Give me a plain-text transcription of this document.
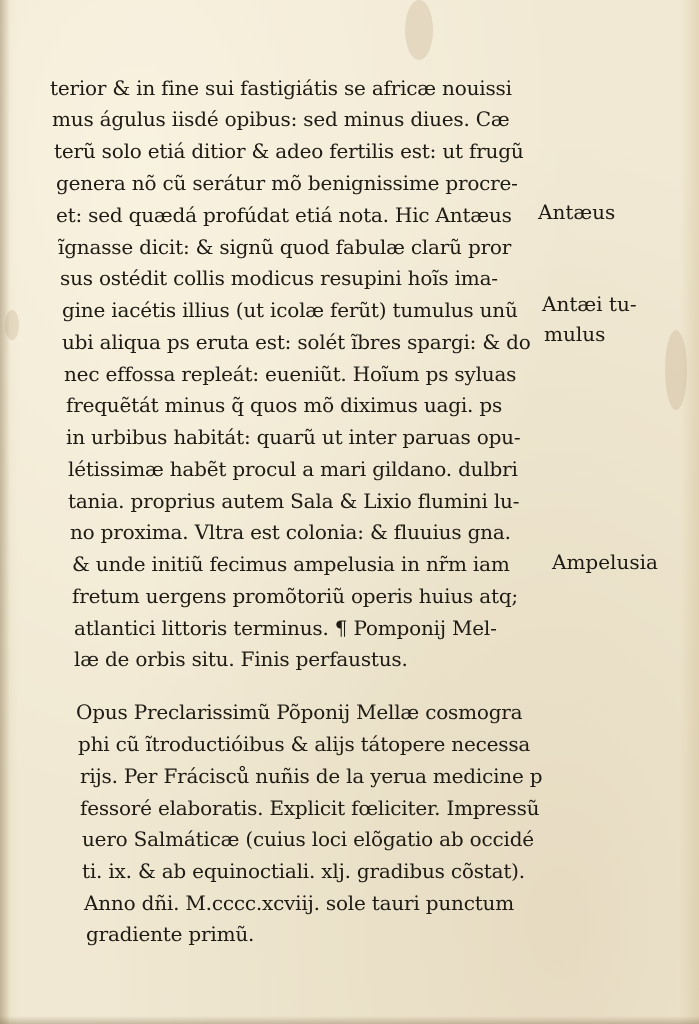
terior & in fine sui fastigiátis se africæ nouissi
mus águlus iisdé opibus: sed minus diues. Cæ
terũ solo etiá ditior & adeo fertilis est: ut frugũ
genera nõ cũ serátur mõ benignissime procre-
et: sed quædá profúdat etiá nota. Hic Antæus
ĩgnasse dicit: & signũ quod fabulæ clarũ pror
sus ostédit collis modicus resupini hoĩs ima-
gine iacétis illius (ut icolæ ferũt) tumulus unũ
ubi aliqua ps eruta est: solét ĩbres spargi: & do
nec effossa repleát: eueniũt. Hoĩum ps syluas
frequẽtát minus q̃ quos mõ diximus uagi. ps
in urbibus habitát: quarũ ut inter paruas opu-
létissimæ habẽt procul a mari gildano. dulbri
tania. proprius autem Sala & Lixio flumini lu-
no proxima. Vltra est colonia: & fluuius gna.
& unde initiũ fecimus ampelusia in nr̃m iam
fretum uergens promõtoriũ operis huius atq;
atlantici littoris terminus. ¶ Pomponij Mel-
læ de orbis situ. Finis perfaustus.
Opus Preclarissimũ Põponij Mellæ cosmogra
phi cũ ĩtroductióibus & alijs tátopere necessa
rijs. Per Frácisců nuñis de la yerua medicine p
fessoré elaboratis. Explicit fœliciter. Impressũ
uero Salmáticæ (cuius loci elõgatio ab occidé
ti. ix. & ab equinoctiali. xlj. gradibus cõstat).
Anno dñi. M.cccc.xcviij. sole tauri punctum
gradiente primũ.
Antæus
Antæi tu-
mulus
Ampelusia
